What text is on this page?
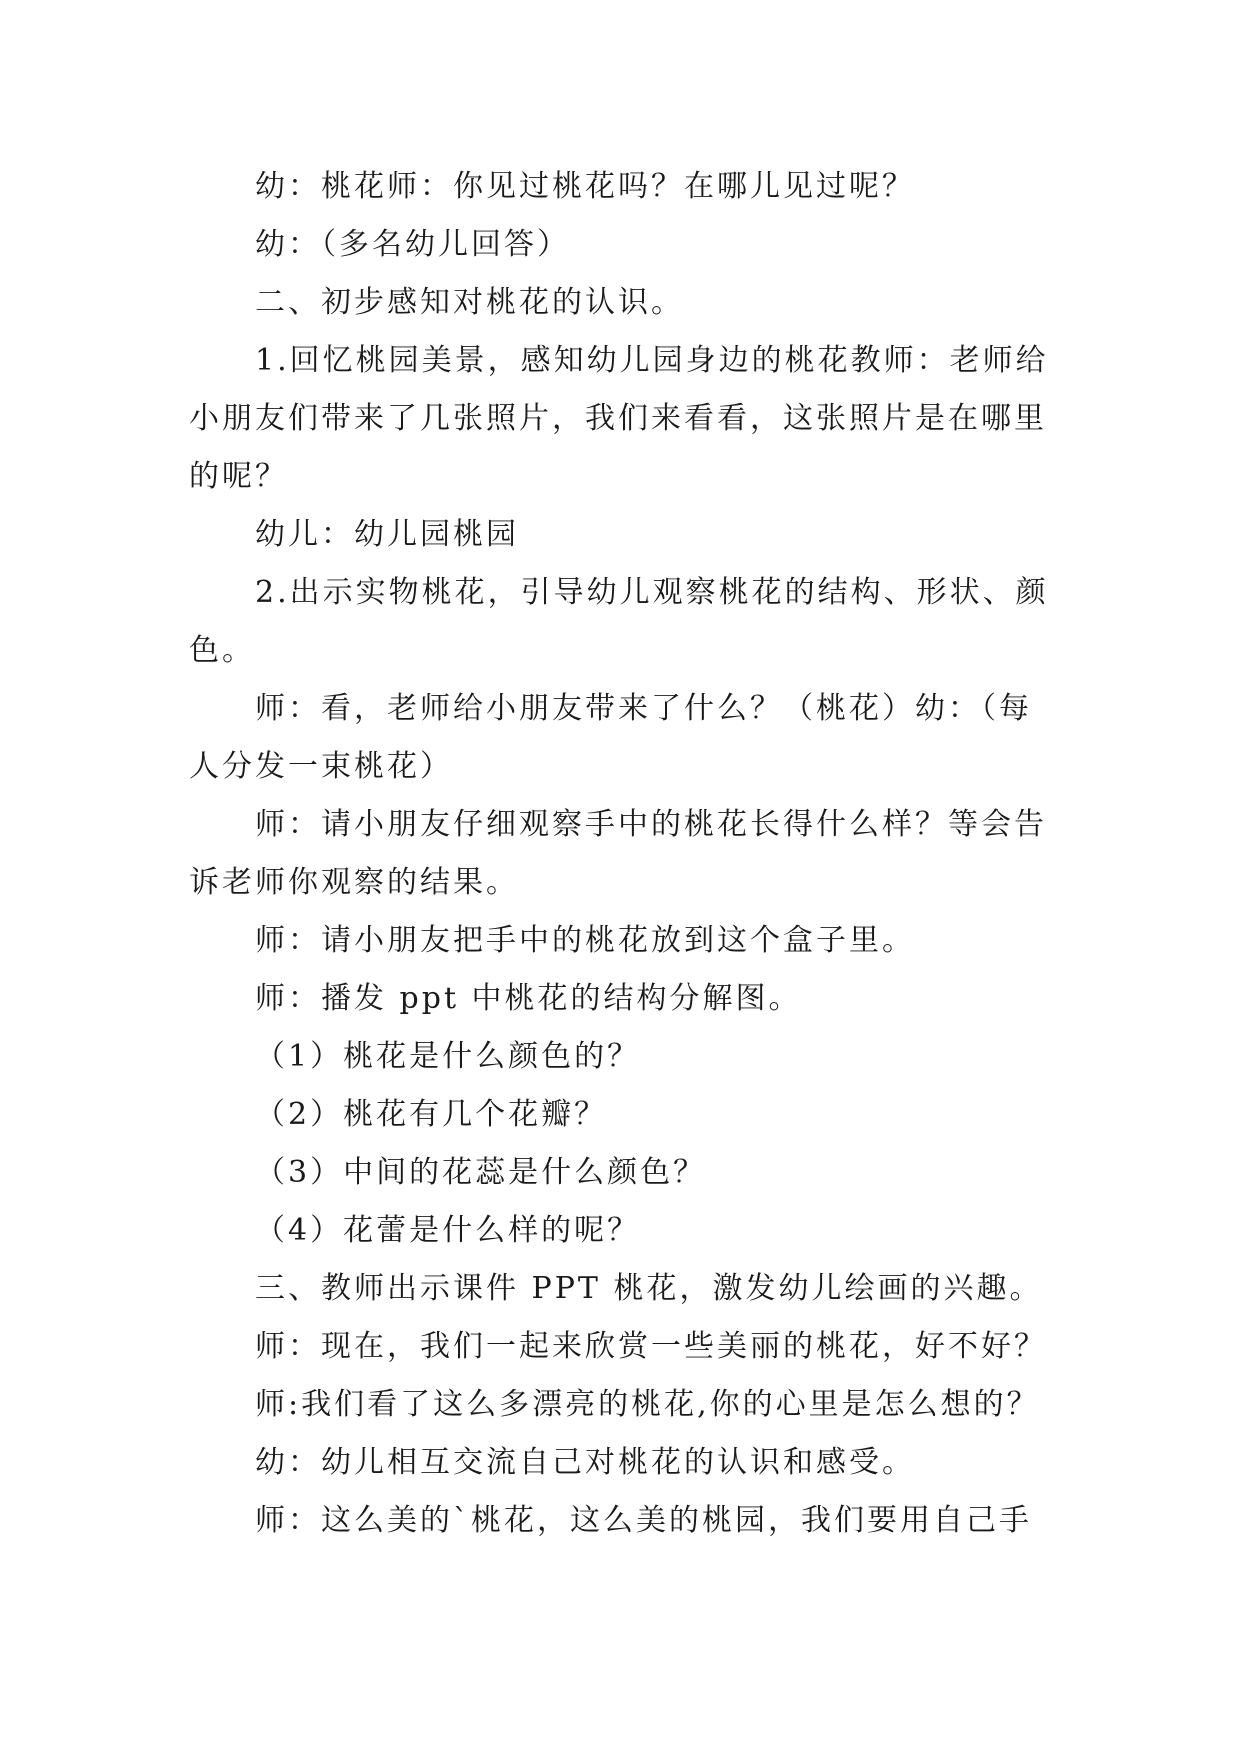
幼：桃花师：你见过桃花吗？在哪儿见过呢？

幼：（多名幼儿回答）

二、初步感知对桃花的认识。

1.回忆桃园美景，感知幼儿园身边的桃花教师：老师给

小朋友们带来了几张照片，我们来看看，这张照片是在哪里

的呢？

幼儿：幼儿园桃园

2.出示实物桃花，引导幼儿观察桃花的结构、形状、颜

色。

师：看，老师给小朋友带来了什么？（桃花）幼：（每

人分发一束桃花）

师：请小朋友仔细观察手中的桃花长得什么样？等会告

诉老师你观察的结果。

师：请小朋友把手中的桃花放到这个盒子里。

师：播发 ppt 中桃花的结构分解图。

（1）桃花是什么颜色的？

（2）桃花有几个花瓣？

（3）中间的花蕊是什么颜色？

（4）花蕾是什么样的呢？

三、教师出示课件 PPT 桃花，激发幼儿绘画的兴趣。

师：现在，我们一起来欣赏一些美丽的桃花，好不好？

师:我们看了这么多漂亮的桃花,你的心里是怎么想的？

幼：幼儿相互交流自己对桃花的认识和感受。

师：这么美的`桃花，这么美的桃园，我们要用自己手
